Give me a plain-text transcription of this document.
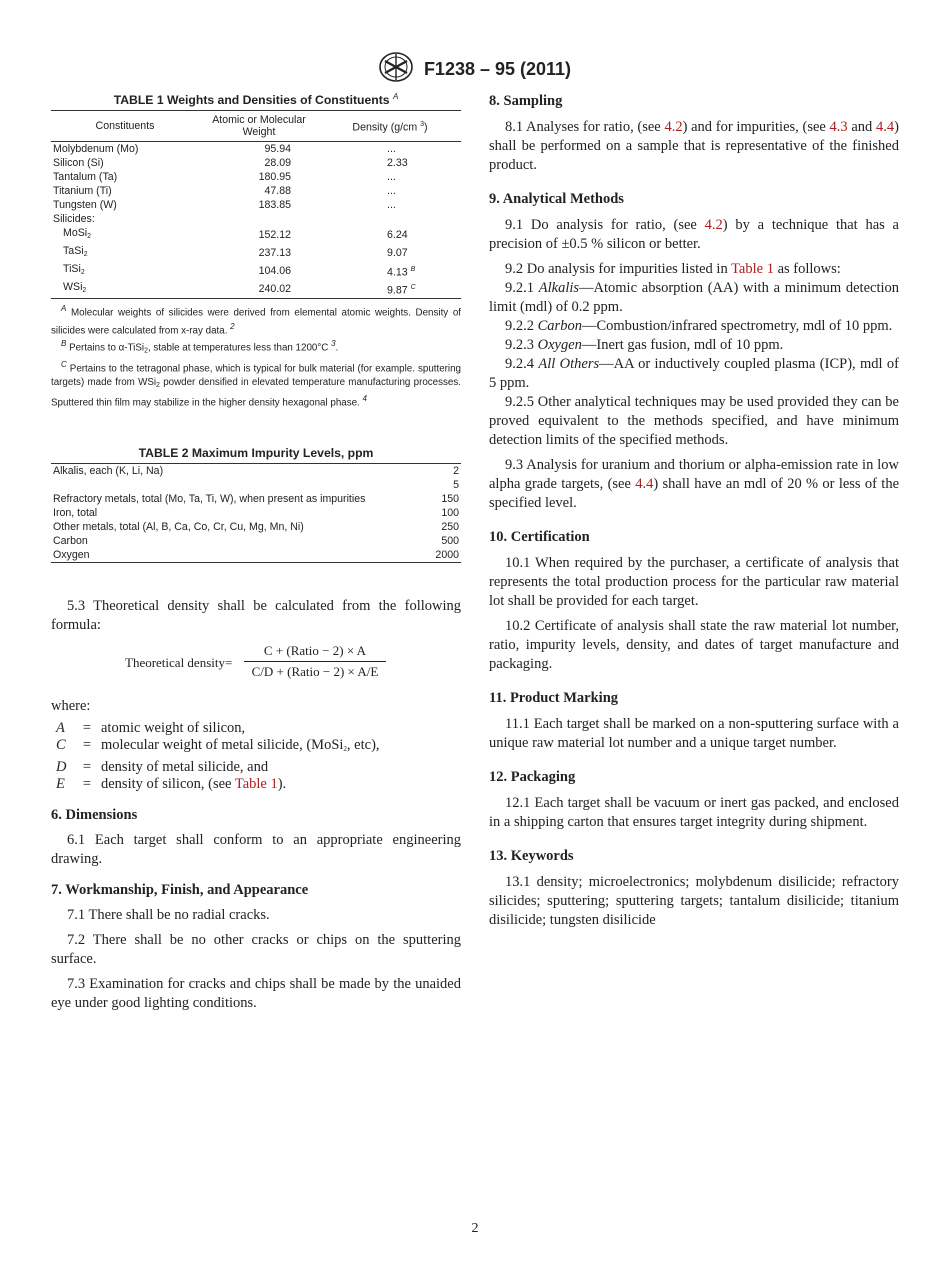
F1238 – 95 (2011)
TABLE 1 Weights and Densities of Constituents $^A$
Constituents	Atomic or Molecular Weight	Density (g/cm $^3$)
Molybdenum (Mo)	95.94	...
Silicon (Si)	28.09	2.33
Tantalum (Ta)	180.95	...
Titanium (Ti)	47.88	...
Tungsten (W)	183.85	...
Silicides:		
MoSi$_2$	152.12	6.24
TaSi$_2$	237.13	9.07
TiSi$_2$	104.06	4.13 $^B$
WSi$_2$	240.02	9.87 $^C$

$^A$ Molecular weights of silicides were derived from elemental atomic weights. Density of silicides were calculated from x-ray data. $^2$

$^B$ Pertains to α-TiSi$_2$, stable at temperatures less than 1200°C $^3$.

$^C$ Pertains to the tetragonal phase, which is typical for bulk material (for example. sputtering targets) made from WSi$_2$ powder densified in elevated temperature manufacturing processes. Sputtered thin film may stabilize in the higher density hexagonal phase. $^4$

TABLE 2 Maximum Impurity Levels, ppm
Alkalis, each (K, Li, Na)	2
	5
Refractory metals, total (Mo, Ta, Ti, W), when present as impurities	150
Iron, total	100
Other metals, total (Al, B, Ca, Co, Cr, Cu, Mg, Mn, Ni)	250
Carbon	500
Oxygen	2000

5.3 Theoretical density shall be calculated from the following formula:

Theoretical density=
C + (Ratio − 2) × A
C/D + (Ratio − 2) × A/E

where:

A	= atomic weight of silicon,
C	= molecular weight of metal silicide, (MoSi$_2$, etc),
D	= density of metal silicide, and
E	= density of silicon, (see Table 1).

6. Dimensions

6.1 Each target shall conform to an appropriate engineering drawing.

7. Workmanship, Finish, and Appearance

7.1 There shall be no radial cracks.

7.2 There shall be no other cracks or chips on the sputtering surface.

7.3 Examination for cracks and chips shall be made by the unaided eye under good lighting conditions.

8. Sampling

8.1 Analyses for ratio, (see 4.2) and for impurities, (see 4.3 and 4.4) shall be performed on a sample that is representative of the finished product.

9. Analytical Methods

9.1 Do analysis for ratio, (see 4.2) by a technique that has a precision of ±0.5 % silicon or better.

9.2 Do analysis for impurities listed in Table 1 as follows:

9.2.1 Alkalis—Atomic absorption (AA) with a minimum detection limit (mdl) of 0.2 ppm.

9.2.2 Carbon—Combustion/infrared spectrometry, mdl of 10 ppm.

9.2.3 Oxygen—Inert gas fusion, mdl of 10 ppm.

9.2.4 All Others—AA or inductively coupled plasma (ICP), mdl of 5 ppm.

9.2.5 Other analytical techniques may be used provided they can be proved equivalent to the methods specified, and have minimum detection limits of the specified methods.

9.3 Analysis for uranium and thorium or alpha-emission rate in low alpha grade targets, (see 4.4) shall have an mdl of 20 % or less of the specified level.

10. Certification

10.1 When required by the purchaser, a certificate of analysis that represents the total production process for the particular raw material lot shall be provided for each target.

10.2 Certificate of analysis shall state the raw material lot number, ratio, impurity levels, density, and dates of target manufacture and packaging.

11. Product Marking

11.1 Each target shall be marked on a non-sputtering surface with a unique raw material lot number and a unique target number.

12. Packaging

12.1 Each target shall be vacuum or inert gas packed, and enclosed in a shipping carton that ensures target integrity during shipment.

13. Keywords

13.1 density; microelectronics; molybdenum disilicide; refractory silicides; sputtering; sputtering targets; tantalum disilicide; titanium disilicide; tungsten disilicide

2
